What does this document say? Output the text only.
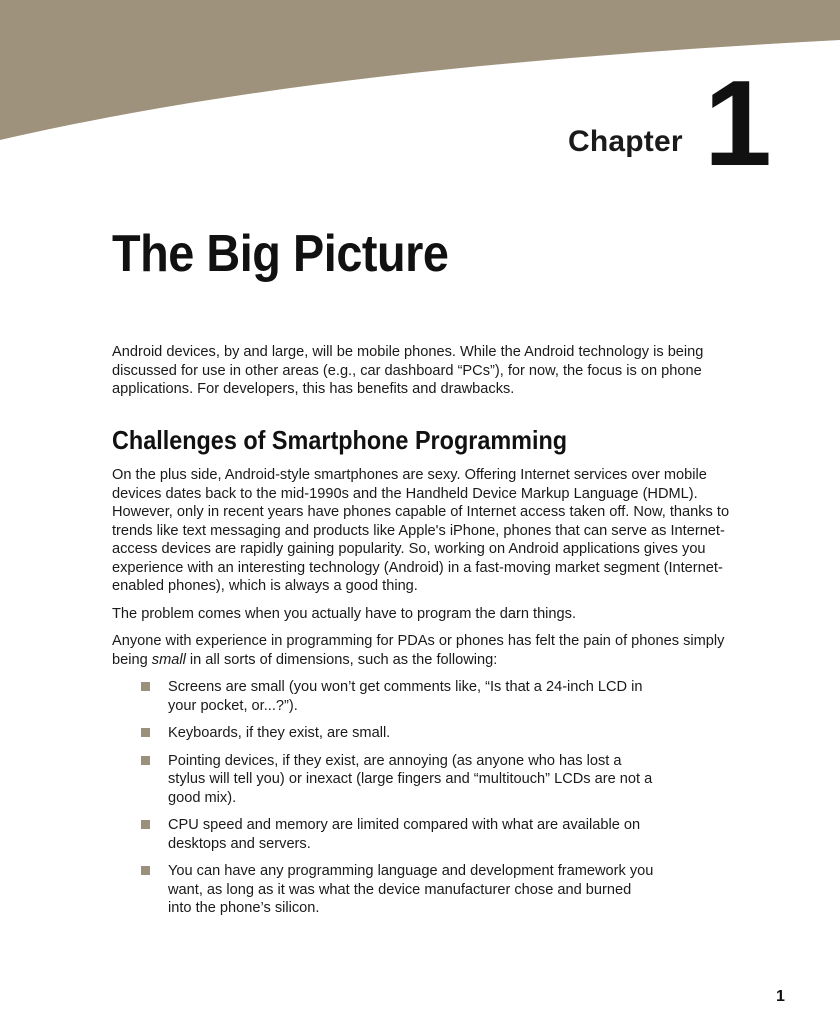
Chapter 1

The Big Picture

Android devices, by and large, will be mobile phones. While the Android technology is being discussed for use in other areas (e.g., car dashboard “PCs”), for now, the focus is on phone applications. For developers, this has benefits and drawbacks.

Challenges of Smartphone Programming

On the plus side, Android-style smartphones are sexy. Offering Internet services over mobile devices dates back to the mid-1990s and the Handheld Device Markup Language (HDML). However, only in recent years have phones capable of Internet access taken off. Now, thanks to trends like text messaging and products like Apple's iPhone, phones that can serve as Internet-access devices are rapidly gaining popularity. So, working on Android applications gives you experience with an interesting technology (Android) in a fast-moving market segment (Internet-enabled phones), which is always a good thing.

The problem comes when you actually have to program the darn things.

Anyone with experience in programming for PDAs or phones has felt the pain of phones simply being small in all sorts of dimensions, such as the following:

Screens are small (you won’t get comments like, “Is that a 24-inch LCD in your pocket, or...?”).
Keyboards, if they exist, are small.
Pointing devices, if they exist, are annoying (as anyone who has lost a stylus will tell you) or inexact (large fingers and “multitouch” LCDs are not a good mix).
CPU speed and memory are limited compared with what are available on desktops and servers.
You can have any programming language and development framework you want, as long as it was what the device manufacturer chose and burned into the phone’s silicon.

1
